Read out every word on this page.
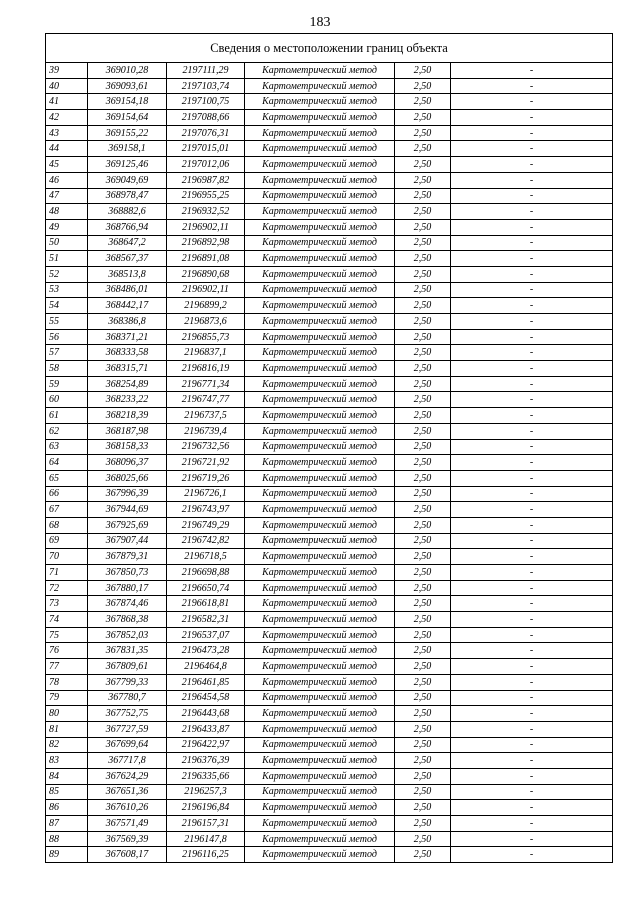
183
Сведения о местоположении границ объекта					
39	369010,28	2197111,29	Картометрический метод	2,50	-
40	369093,61	2197103,74	Картометрический метод	2,50	-
41	369154,18	2197100,75	Картометрический метод	2,50	-
42	369154,64	2197088,66	Картометрический метод	2,50	-
43	369155,22	2197076,31	Картометрический метод	2,50	-
44	369158,1	2197015,01	Картометрический метод	2,50	-
45	369125,46	2197012,06	Картометрический метод	2,50	-
46	369049,69	2196987,82	Картометрический метод	2,50	-
47	368978,47	2196955,25	Картометрический метод	2,50	-
48	368882,6	2196932,52	Картометрический метод	2,50	-
49	368766,94	2196902,11	Картометрический метод	2,50	-
50	368647,2	2196892,98	Картометрический метод	2,50	-
51	368567,37	2196891,08	Картометрический метод	2,50	-
52	368513,8	2196890,68	Картометрический метод	2,50	-
53	368486,01	2196902,11	Картометрический метод	2,50	-
54	368442,17	2196899,2	Картометрический метод	2,50	-
55	368386,8	2196873,6	Картометрический метод	2,50	-
56	368371,21	2196855,73	Картометрический метод	2,50	-
57	368333,58	2196837,1	Картометрический метод	2,50	-
58	368315,71	2196816,19	Картометрический метод	2,50	-
59	368254,89	2196771,34	Картометрический метод	2,50	-
60	368233,22	2196747,77	Картометрический метод	2,50	-
61	368218,39	2196737,5	Картометрический метод	2,50	-
62	368187,98	2196739,4	Картометрический метод	2,50	-
63	368158,33	2196732,56	Картометрический метод	2,50	-
64	368096,37	2196721,92	Картометрический метод	2,50	-
65	368025,66	2196719,26	Картометрический метод	2,50	-
66	367996,39	2196726,1	Картометрический метод	2,50	-
67	367944,69	2196743,97	Картометрический метод	2,50	-
68	367925,69	2196749,29	Картометрический метод	2,50	-
69	367907,44	2196742,82	Картометрический метод	2,50	-
70	367879,31	2196718,5	Картометрический метод	2,50	-
71	367850,73	2196698,88	Картометрический метод	2,50	-
72	367880,17	2196650,74	Картометрический метод	2,50	-
73	367874,46	2196618,81	Картометрический метод	2,50	-
74	367868,38	2196582,31	Картометрический метод	2,50	-
75	367852,03	2196537,07	Картометрический метод	2,50	-
76	367831,35	2196473,28	Картометрический метод	2,50	-
77	367809,61	2196464,8	Картометрический метод	2,50	-
78	367799,33	2196461,85	Картометрический метод	2,50	-
79	367780,7	2196454,58	Картометрический метод	2,50	-
80	367752,75	2196443,68	Картометрический метод	2,50	-
81	367727,59	2196433,87	Картометрический метод	2,50	-
82	367699,64	2196422,97	Картометрический метод	2,50	-
83	367717,8	2196376,39	Картометрический метод	2,50	-
84	367624,29	2196335,66	Картометрический метод	2,50	-
85	367651,36	2196257,3	Картометрический метод	2,50	-
86	367610,26	2196196,84	Картометрический метод	2,50	-
87	367571,49	2196157,31	Картометрический метод	2,50	-
88	367569,39	2196147,8	Картометрический метод	2,50	-
89	367608,17	2196116,25	Картометрический метод	2,50	-
